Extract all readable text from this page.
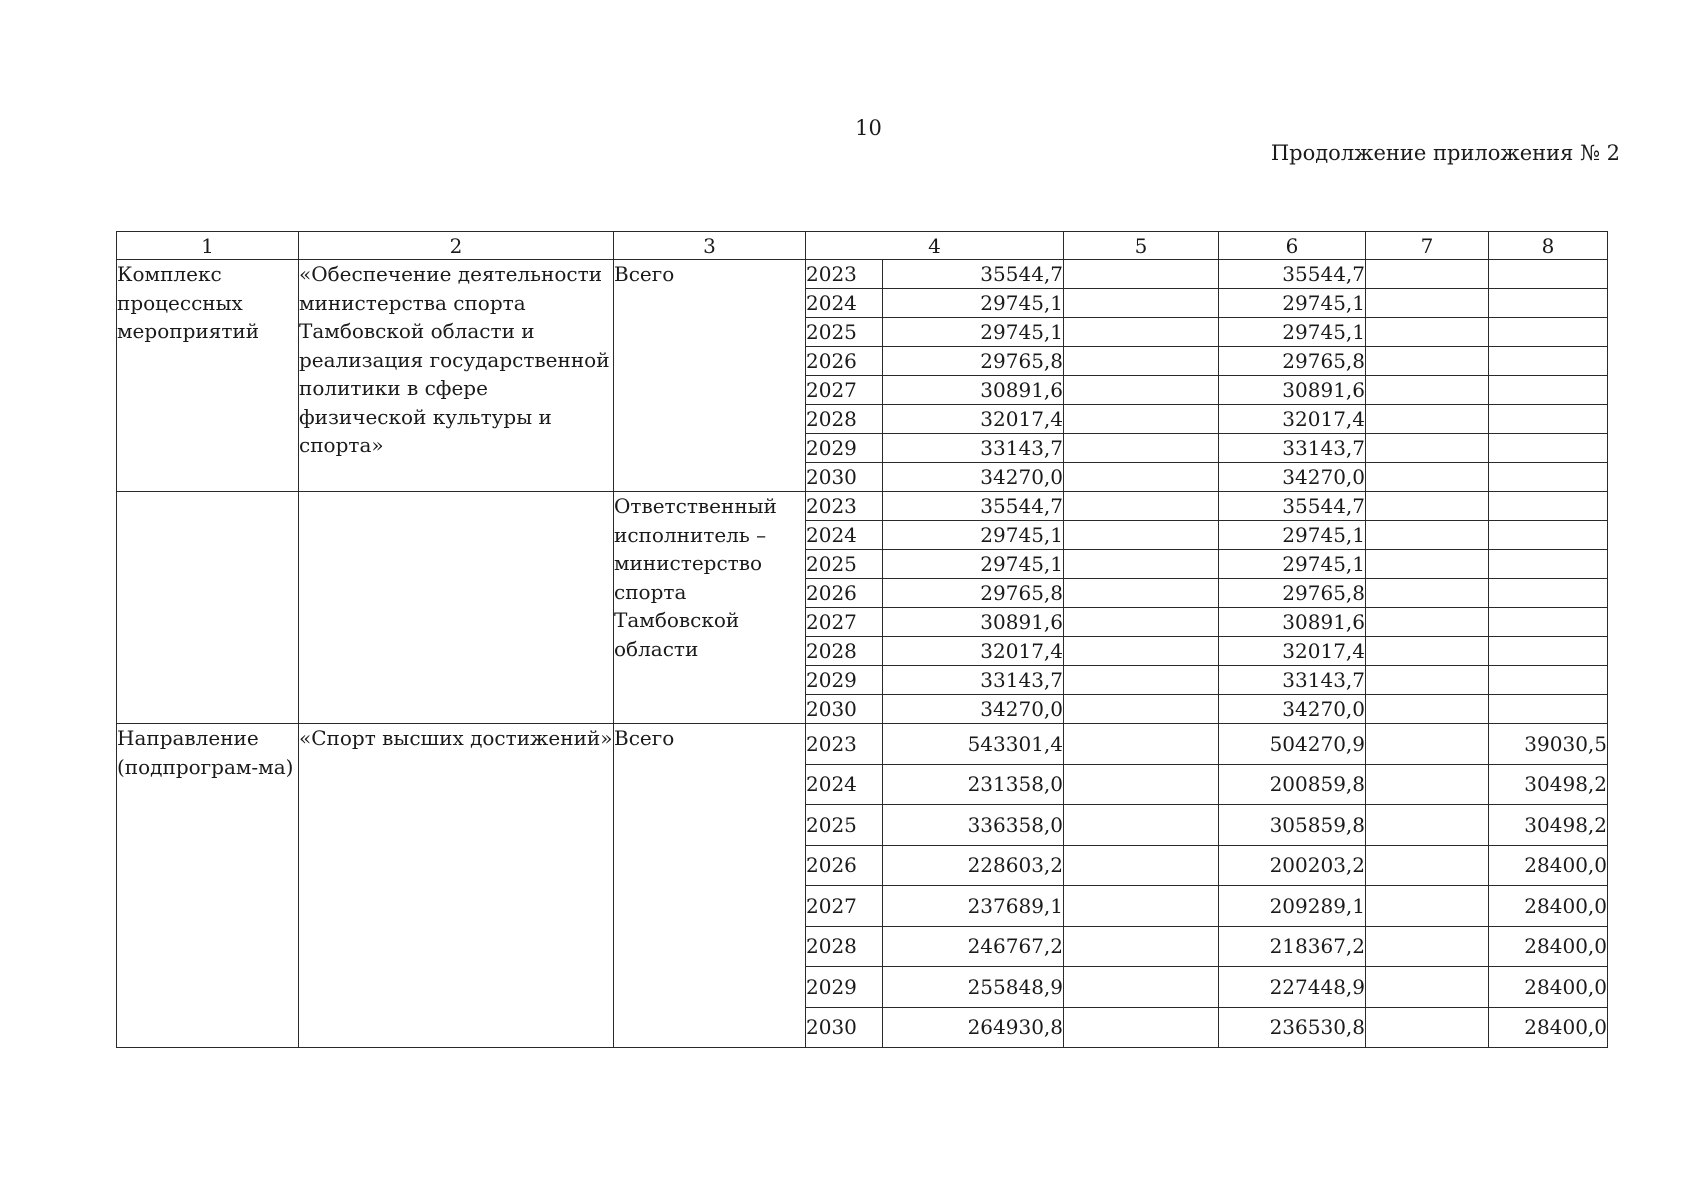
10
Продолжение приложения № 2
1	2	3	4		5	6	7	8
Комплекс процессных мероприятий	«Обеспечение деятельности министерства спорта Тамбовской области и реализация государственной политики в сфере физической культуры и спорта»	Всего	2023	35544,7		35544,7		
			2024	29745,1		29745,1		
			2025	29745,1		29745,1		
			2026	29765,8		29765,8		
			2027	30891,6		30891,6		
			2028	32017,4		32017,4		
			2029	33143,7		33143,7		
			2030	34270,0		34270,0		
		Ответственный исполнитель – министерство спорта Тамбовской области	2023	35544,7		35544,7		
			2024	29745,1		29745,1		
			2025	29745,1		29745,1		
			2026	29765,8		29765,8		
			2027	30891,6		30891,6		
			2028	32017,4		32017,4		
			2029	33143,7		33143,7		
			2030	34270,0		34270,0		
Направление (подпрограм-ма)	«Спорт высших достижений»	Всего	2023	543301,4		504270,9		39030,5
			2024	231358,0		200859,8		30498,2
			2025	336358,0		305859,8		30498,2
			2026	228603,2		200203,2		28400,0
			2027	237689,1		209289,1		28400,0
			2028	246767,2		218367,2		28400,0
			2029	255848,9		227448,9		28400,0
			2030	264930,8		236530,8		28400,0
